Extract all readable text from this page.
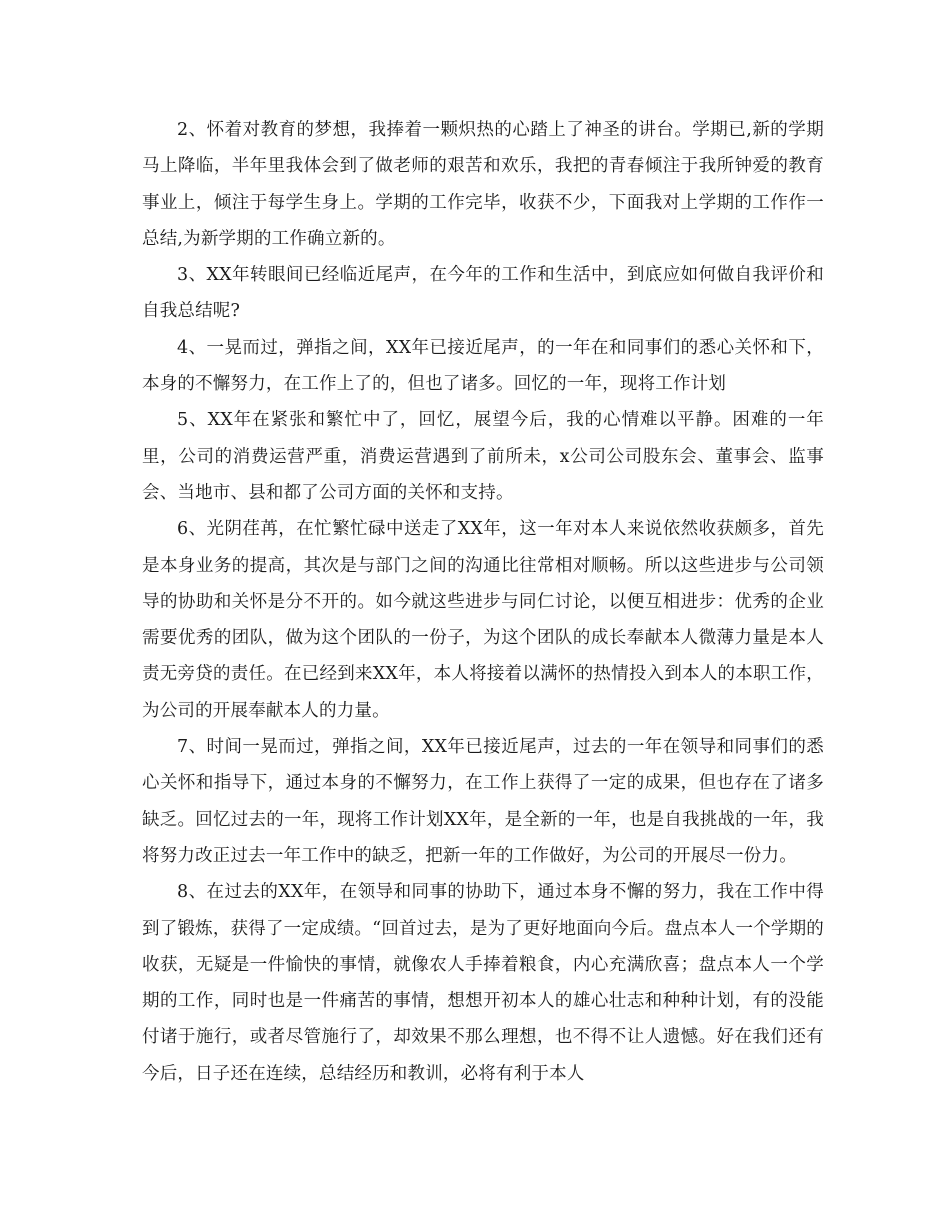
2、怀着对教育的梦想，我捧着一颗炽热的心踏上了神圣的讲台。学期已,新的学期马上降临，半年里我体会到了做老师的艰苦和欢乐，我把的青春倾注于我所钟爱的教育事业上，倾注于每学生身上。学期的工作完毕，收获不少，下面我对上学期的工作作一总结,为新学期的工作确立新的。

3、XX年转眼间已经临近尾声，在今年的工作和生活中，到底应如何做自我评价和自我总结呢?

4、一晃而过，弹指之间，XX年已接近尾声，的一年在和同事们的悉心关怀和下，本身的不懈努力，在工作上了的，但也了诸多。回忆的一年，现将工作计划

5、XX年在紧张和繁忙中了，回忆，展望今后，我的心情难以平静。困难的一年里，公司的消费运营严重，消费运营遇到了前所未，x公司公司股东会、董事会、监事会、当地市、县和都了公司方面的关怀和支持。

6、光阴荏苒，在忙繁忙碌中送走了XX年，这一年对本人来说依然收获颇多，首先是本身业务的提高，其次是与部门之间的沟通比往常相对顺畅。所以这些进步与公司领导的协助和关怀是分不开的。如今就这些进步与同仁讨论，以便互相进步：优秀的企业需要优秀的团队，做为这个团队的一份子，为这个团队的成长奉献本人微薄力量是本人责无旁贷的责任。在已经到来XX年，本人将接着以满怀的热情投入到本人的本职工作，为公司的开展奉献本人的力量。

7、时间一晃而过，弹指之间，XX年已接近尾声，过去的一年在领导和同事们的悉心关怀和指导下，通过本身的不懈努力，在工作上获得了一定的成果，但也存在了诸多缺乏。回忆过去的一年，现将工作计划XX年，是全新的一年，也是自我挑战的一年，我将努力改正过去一年工作中的缺乏，把新一年的工作做好，为公司的开展尽一份力。

8、在过去的XX年，在领导和同事的协助下，通过本身不懈的努力，我在工作中得到了锻炼，获得了一定成绩。“回首过去，是为了更好地面向今后。盘点本人一个学期的收获，无疑是一件愉快的事情，就像农人手捧着粮食，内心充满欣喜；盘点本人一个学期的工作，同时也是一件痛苦的事情，想想开初本人的雄心壮志和种种计划，有的没能付诸于施行，或者尽管施行了，却效果不那么理想，也不得不让人遗憾。好在我们还有今后，日子还在连续，总结经历和教训，必将有利于本人
